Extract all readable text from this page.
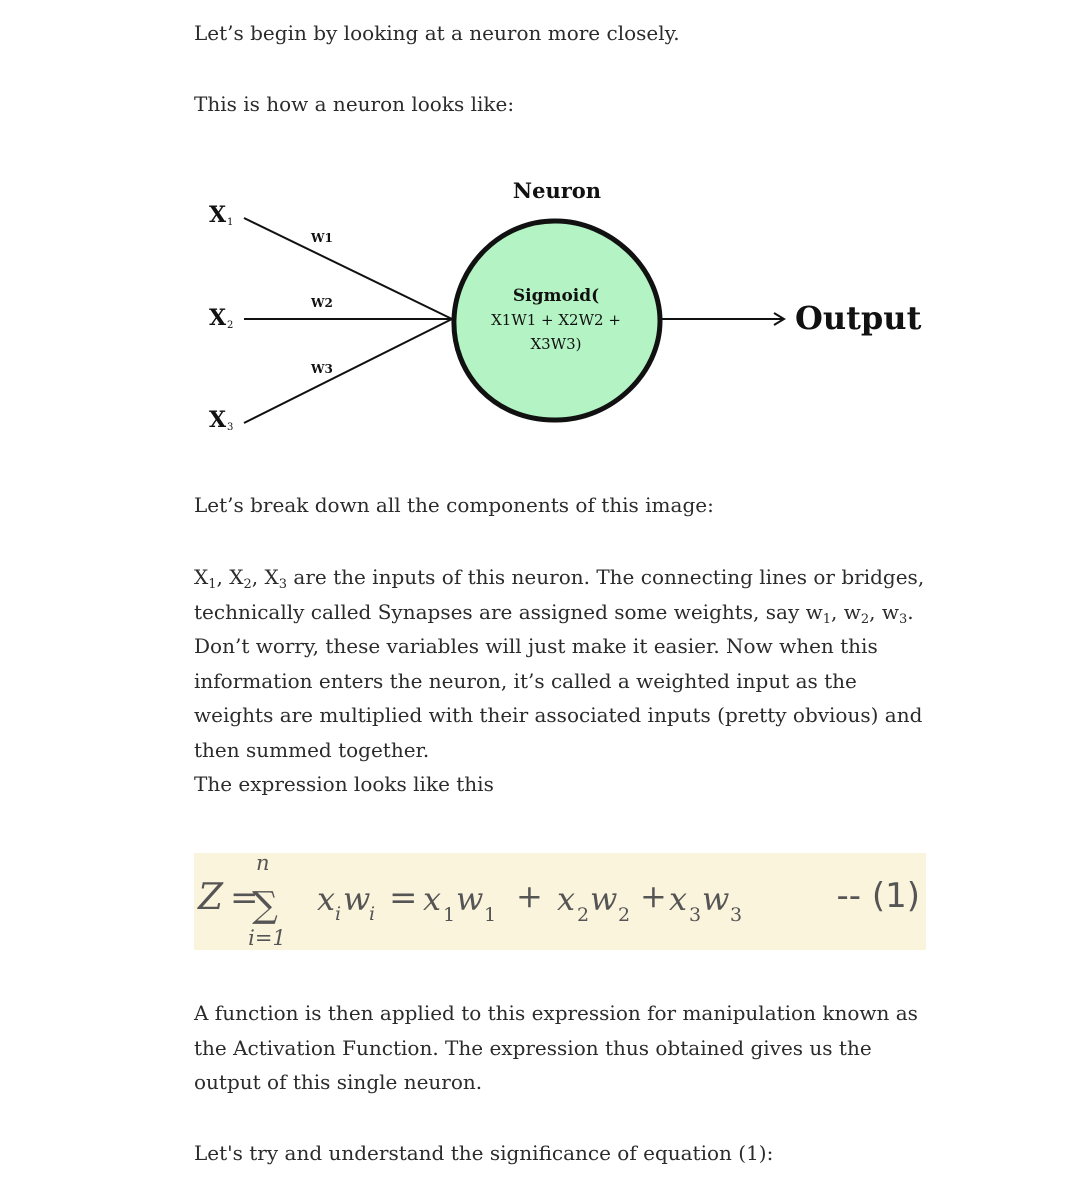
Let’s begin by looking at a neuron more closely.

This is how a neuron looks like:

Neuron
X 1
X 2
X 3
W1
W2
W3
Sigmoid(
X1W1 + X2W2 +
X3W3)
Output

Let’s break down all the components of this image:

$X_1$, $X_2$, $X_3$ are the inputs of this neuron. The connecting lines or bridges, technically called Synapses are assigned some weights, say $w_1$, $w_2$, $w_3$. Don’t worry, these variables will just make it easier. Now when this information enters the neuron, it’s called a weighted input as the weights are multiplied with their associated inputs (pretty obvious) and then summed together.

The expression looks like this

Z =
n
∑
i=1
x i w
i = x 1 w 1 + x 2 w 2 + x 3 w 3	-- (1)

A function is then applied to this expression for manipulation known as the Activation Function. The expression thus obtained gives us the output of this single neuron.

Let's try and understand the significance of equation (1):
